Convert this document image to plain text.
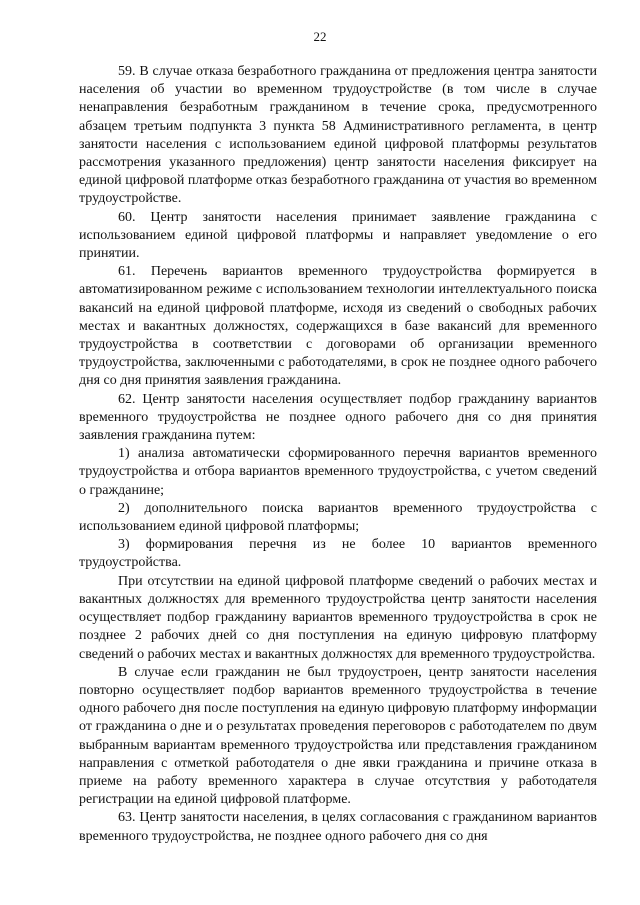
22

59. В случае отказа безработного гражданина от предложения центра занятости населения об участии во временном трудоустройстве (в том числе в случае ненаправления безработным гражданином в течение срока, предусмотренного абзацем третьим подпункта 3 пункта 58 Административного регламента, в центр занятости населения с использованием единой цифровой платформы результатов рассмотрения указанного предложения) центр занятости населения фиксирует на единой цифровой платформе отказ безработного гражданина от участия во временном трудоустройстве.

60. Центр занятости населения принимает заявление гражданина с использованием единой цифровой платформы и направляет уведомление о его принятии.

61. Перечень вариантов временного трудоустройства формируется в автоматизированном режиме с использованием технологии интеллектуального поиска вакансий на единой цифровой платформе, исходя из сведений о свободных рабочих местах и вакантных должностях, содержащихся в базе вакансий для временного трудоустройства в соответствии с договорами об организации временного трудоустройства, заключенными с работодателями, в срок не позднее одного рабочего дня со дня принятия заявления гражданина.

62. Центр занятости населения осуществляет подбор гражданину вариантов временного трудоустройства не позднее одного рабочего дня со дня принятия заявления гражданина путем:

1) анализа автоматически сформированного перечня вариантов временного трудоустройства и отбора вариантов временного трудоустройства, с учетом сведений о гражданине;

2) дополнительного поиска вариантов временного трудоустройства с использованием единой цифровой платформы;

3) формирования перечня из не более 10 вариантов временного трудоустройства.

При отсутствии на единой цифровой платформе сведений о рабочих местах и вакантных должностях для временного трудоустройства центр занятости населения осуществляет подбор гражданину вариантов временного трудоустройства в срок не позднее 2 рабочих дней со дня поступления на единую цифровую платформу сведений о рабочих местах и вакантных должностях для временного трудоустройства.

В случае если гражданин не был трудоустроен, центр занятости населения повторно осуществляет подбор вариантов временного трудоустройства в течение одного рабочего дня после поступления на единую цифровую платформу информации от гражданина о дне и о результатах проведения переговоров с работодателем по двум выбранным вариантам временного трудоустройства или представления гражданином направления с отметкой работодателя о дне явки гражданина и причине отказа в приеме на работу временного характера в случае отсутствия у работодателя регистрации на единой цифровой платформе.

63. Центр занятости населения, в целях согласования с гражданином вариантов временного трудоустройства, не позднее одного рабочего дня со дня
